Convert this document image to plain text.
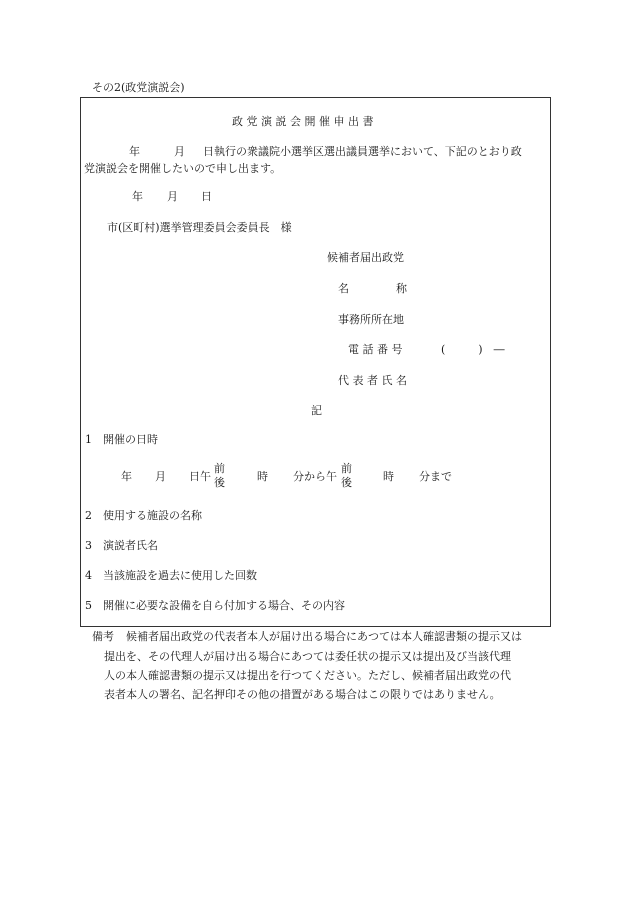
その2(政党演説会)
政 党 演 説 会 開 催 申 出 書
年	月 日執行の衆議院小選挙区選出議員選挙において、下記のとおり政
党演説会を開催したいので申し出ます。
年 月 日
市(区町村)選挙管理委員会委員長　様
候補者届出政党
名	称
事務所所在地
電 話 番 号	(　　　)　―
代 表 者 氏 名
記
1　開催の日時
年 月 日午
前
後	時 分から午
前
後	時 分まで
2　使用する施設の名称
3　演説者氏名
4　当該施設を過去に使用した回数
5　開催に必要な設備を自ら付加する場合、その内容
備考 候補者届出政党の代表者本人が届け出る場合にあつては本人確認書類の提示又は
提出を、その代理人が届け出る場合にあつては委任状の提示又は提出及び当該代理
人の本人確認書類の提示又は提出を行つてください。ただし、候補者届出政党の代
表者本人の署名、記名押印その他の措置がある場合はこの限りではありません。
